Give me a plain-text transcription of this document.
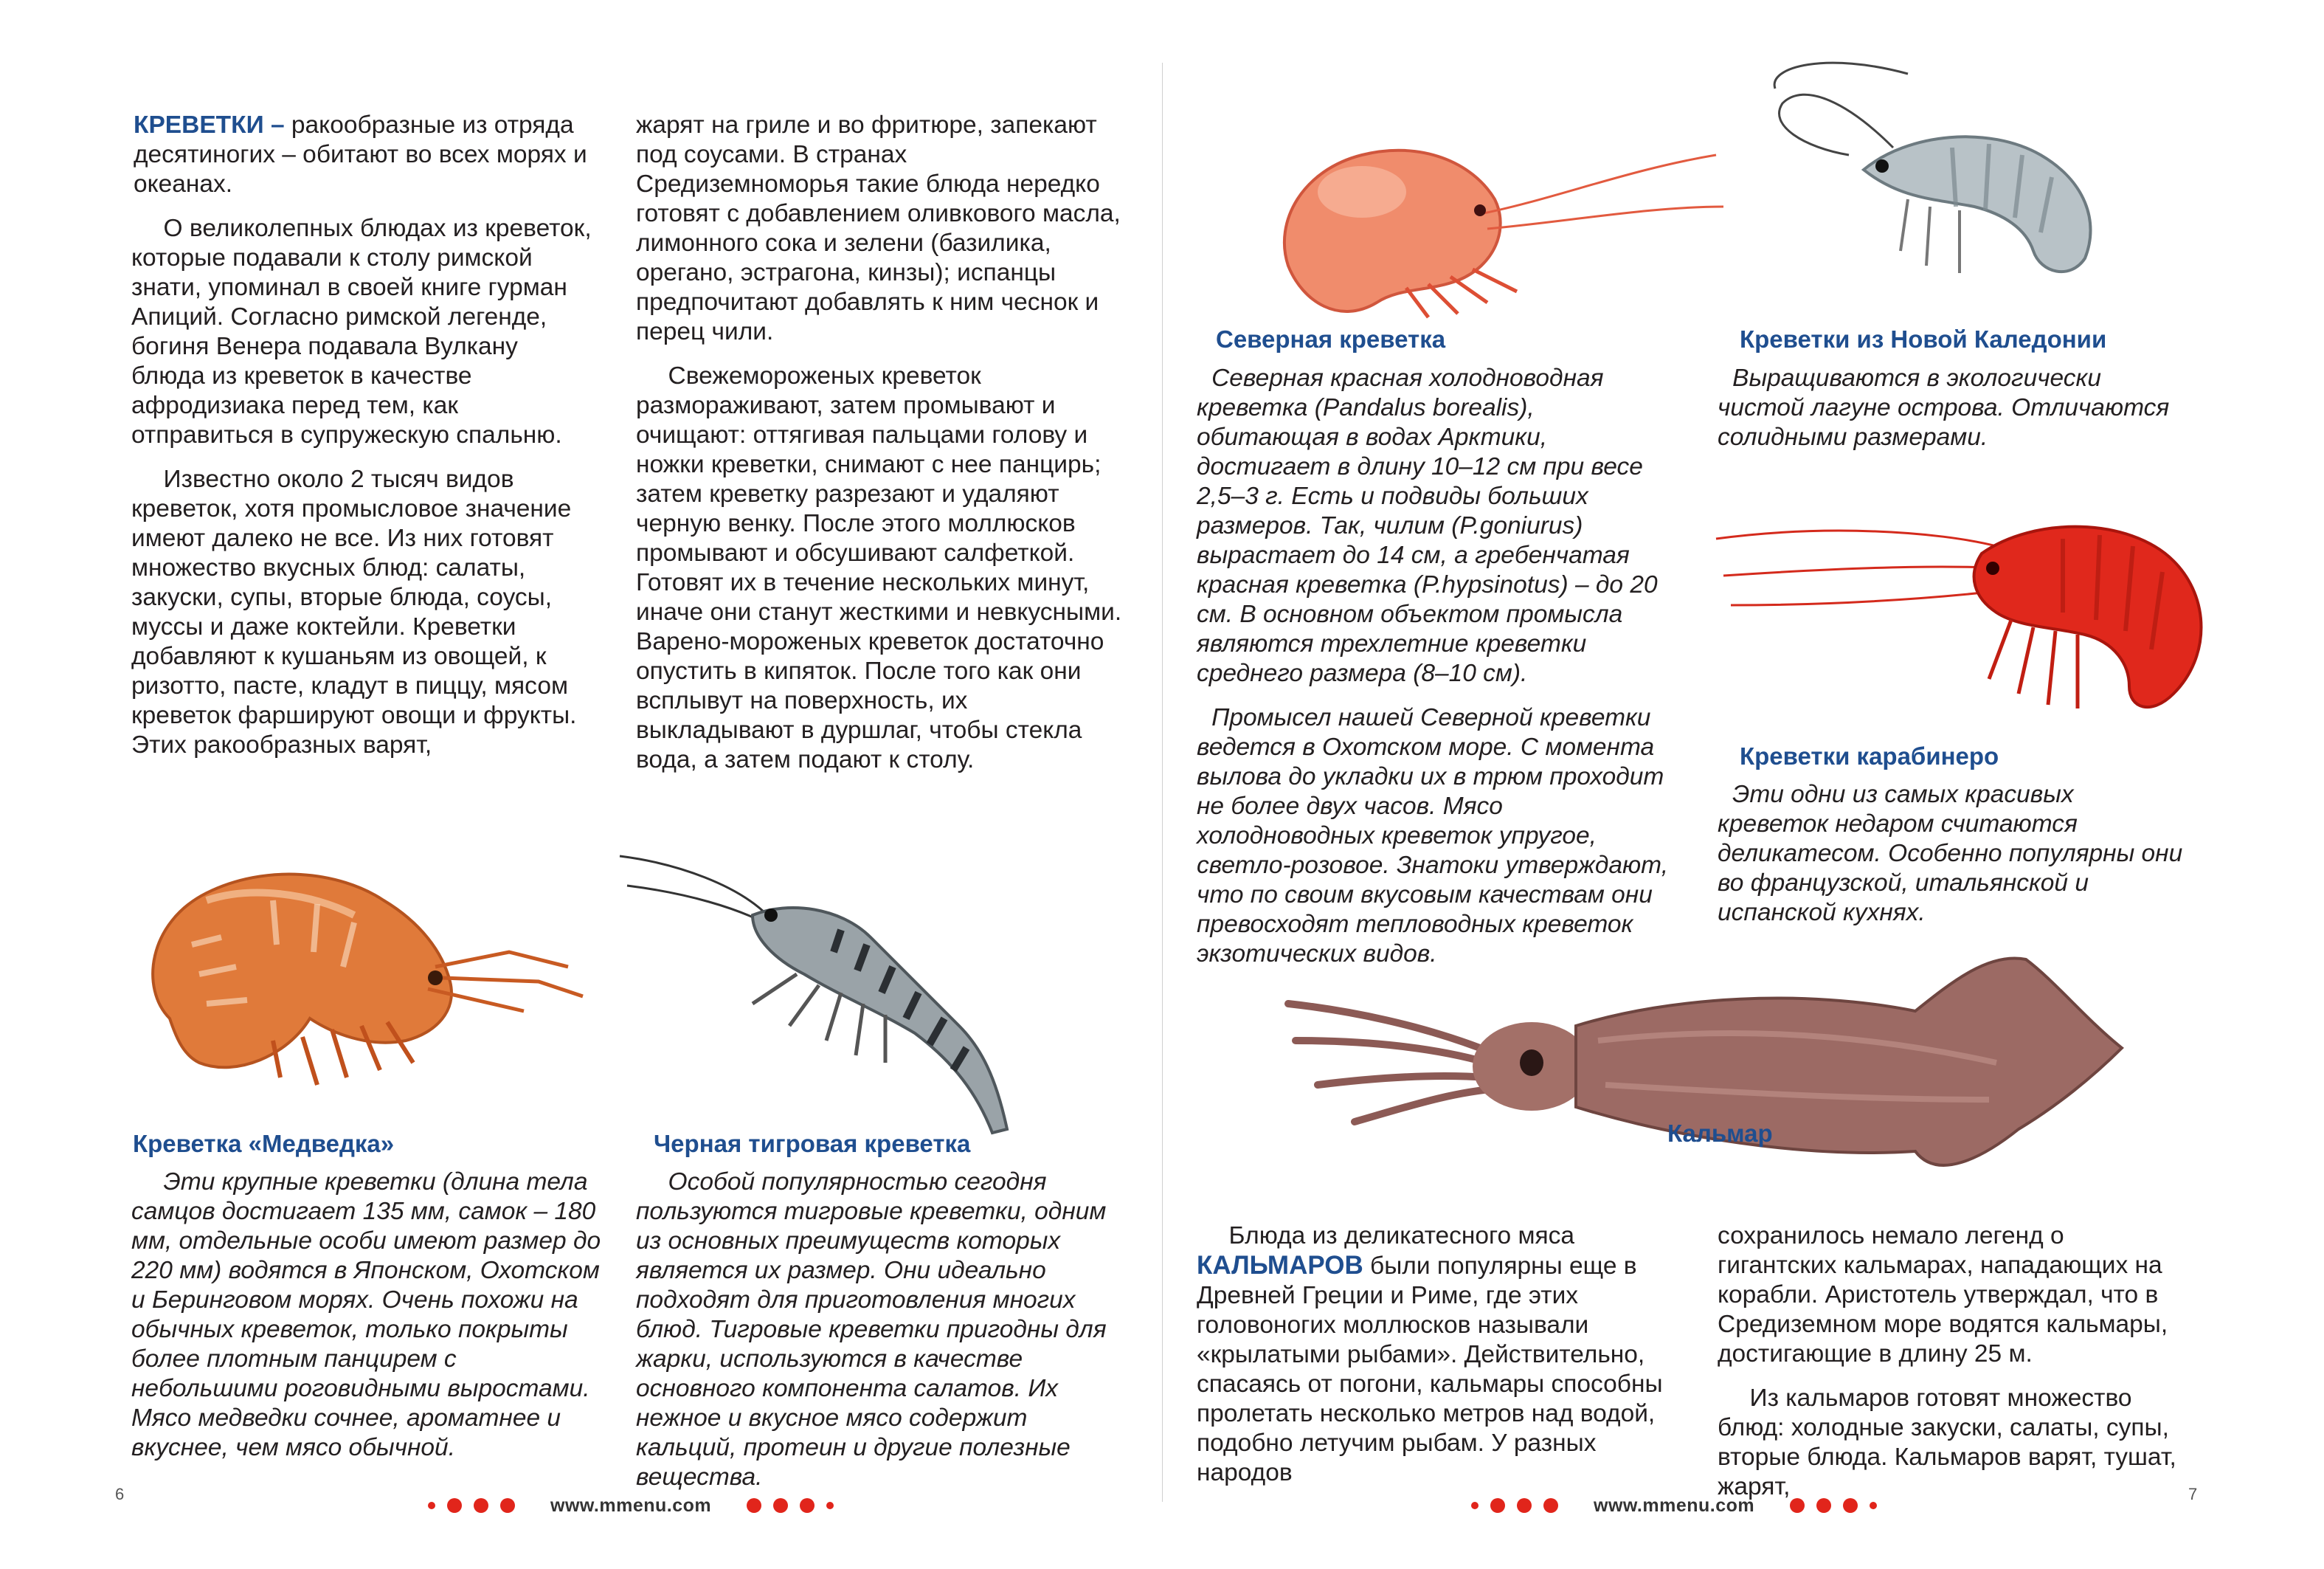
КРЕВЕТКИ – ракообразные из отряда десятиногих – обитают во всех морях и океанах.

О великолепных блюдах из креветок, которые подавали к столу римской знати, упоминал в своей книге гурман Апиций. Согласно римской легенде, богиня Венера подавала Вулкану блюда из креветок в качестве афродизиака перед тем, как отправиться в супружескую спальню.

Известно около 2 тысяч видов креветок, хотя промысловое значение имеют далеко не все. Из них готовят множество вкусных блюд: салаты, закуски, супы, вторые блюда, соусы, муссы и даже коктейли. Креветки добавляют к кушаньям из овощей, к ризотто, пасте, кладут в пиццу, мясом креветок фаршируют овощи и фрукты. Этих ракообразных варят,

жарят на гриле и во фритюре, запекают под соусами. В странах Средиземноморья такие блюда нередко готовят с добавлением оливкового масла, лимонного сока и зелени (базилика, орегано, эстрагона, кинзы); испанцы предпочитают добавлять к ним чеснок и перец чили.

Свежемороженых креветок размораживают, затем промывают и очищают: оттягивая пальцами голову и ножки креветки, снимают с нее панцирь; затем креветку разрезают и удаляют черную венку. После этого моллюсков промывают и обсушивают салфеткой. Готовят их в течение нескольких минут, иначе они станут жесткими и невкусными. Варено-мороженых креветок достаточно опустить в кипяток. После того как они всплывут на поверхность, их выкладывают в дуршлаг, чтобы стекла вода, а затем подают к столу.

Креветка «Медведка»

Эти крупные креветки (длина тела самцов достигает 135 мм, самок – 180 мм, отдельные особи имеют размер до 220 мм) водятся в Японском, Охотском и Беринговом морях. Очень похожи на обычных креветок, только покрыты более плотным панцирем с небольшими роговидными выростами. Мясо медведки сочнее, ароматнее и вкуснее, чем мясо обычной.

Черная тигровая креветка

Особой популярностью сегодня пользуются тигровые креветки, одним из основных преимуществ которых является их размер. Они идеально подходят для приготовления многих блюд. Тигровые креветки пригодны для жарки, используются в качестве основного компонента салатов. Их нежное и вкусное мясо содержит кальций, протеин и другие полезные вещества.

6
www.mmenu.com
Северная креветка

Северная красная холодноводная креветка (Pandalus borealis), обитающая в водах Арктики, достигает в длину 10–12 см при весе 2,5–3 г. Есть и подвиды больших размеров. Так, чилим (P.goniurus) вырастает до 14 см, а гребенчатая красная креветка (P.hypsinotus) – до 20 см. В основном объектом промысла являются трехлетние креветки среднего размера (8–10 см).

Промысел нашей Северной креветки ведется в Охотском море. С момента вылова до укладки их в трюм проходит не более двух часов. Мясо холодноводных креветок упругое, светло-розовое. Знатоки утверждают, что по своим вкусовым качествам они превосходят тепловодных креветок экзотических видов.

Креветки из Новой Каледонии

Выращиваются в экологически чистой лагуне острова. Отличаются солидными размерами.

Креветки карабинеро

Эти одни из самых красивых креветок недаром считаются деликатесом. Особенно популярны они во французской, итальянской и испанской кухнях.

Кальмар

Блюда из деликатесного мяса КАЛЬМАРОВ были популярны еще в Древней Греции и Риме, где этих головоногих моллюсков называли «крылатыми рыбами». Действительно, спасаясь от погони, кальмары способны пролетать несколько метров над водой, подобно летучим рыбам. У разных народов

сохранилось немало легенд о гигантских кальмарах, нападающих на корабли. Аристотель утверждал, что в Средиземном море водятся кальмары, достигающие в длину 25 м.

Из кальмаров готовят множество блюд: холодные закуски, салаты, супы, вторые блюда. Кальмаров варят, тушат, жарят,	7
www.mmenu.com
